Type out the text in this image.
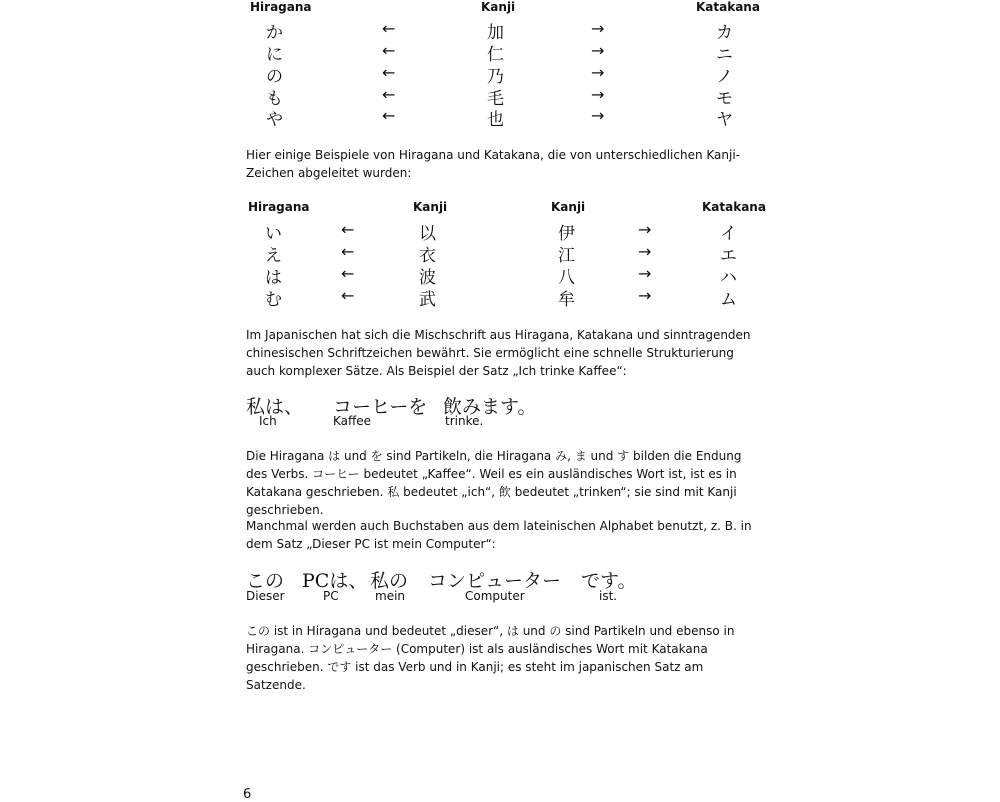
Hiragana	Kanji	Katakana
か	←	加	→	カ
に	←	仁	→	ニ
の	←	乃	→	ノ
も	←	毛	→	モ
や	←	也	→	ヤ

Hier einige Beispiele von Hiragana und Katakana, die von unterschiedlichen Kanji-Zeichen abgeleitet wurden:

Hiragana	Kanji	Kanji	Katakana
い	←	以	伊	→	イ
え	←	衣	江	→	エ
は	←	波	八	→	ハ
む	←	武	牟	→	ム

Im Japanischen hat sich die Mischschrift aus Hiragana, Katakana und sinntragenden chinesischen Schriftzeichen bewährt. Sie ermöglicht eine schnelle Strukturierung auch komplexer Sätze. Als Beispiel der Satz „Ich trinke Kaffee“:

私は、 コーヒーを 飲みます。
Ich	Kaffee	trinke.

Die Hiragana は und を sind Partikeln, die Hiragana み, ま und す bilden die Endung des Verbs. コーヒー bedeutet „Kaffee“. Weil es ein ausländisches Wort ist, ist es in Katakana geschrieben. 私 bedeutet „ich“, 飲 bedeutet „trinken“; sie sind mit Kanji geschrieben.

Manchmal werden auch Buchstaben aus dem lateinischen Alphabet benutzt, z. B. in dem Satz „Dieser PC ist mein Computer“:

この PCは、 私の コンピューター です。
Dieser	PC	mein	Computer	ist.

この ist in Hiragana und bedeutet „dieser“, は und の sind Partikeln und ebenso in Hiragana. コンピューター (Computer) ist als ausländisches Wort mit Katakana geschrieben. です ist das Verb und in Kanji; es steht im japanischen Satz am Satzende.

6
